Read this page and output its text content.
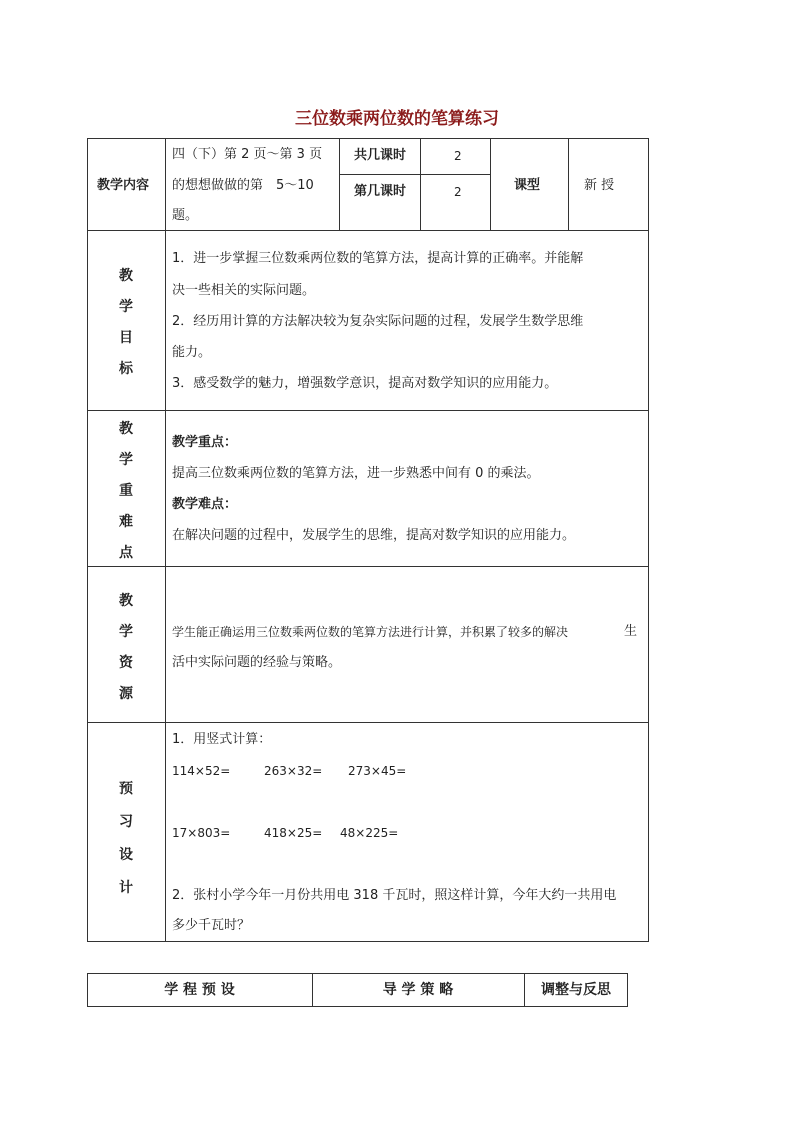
三位数乘两位数的笔算练习
教学内容
四（下）第 2 页～第 3 页
的想想做做的第　5～10
题。
共几课时	2
第几课时	2	课型	新 授
教
学
目
标
1．进一步掌握三位数乘两位数的笔算方法，提高计算的正确率。并能解
决一些相关的实际问题。
2．经历用计算的方法解决较为复杂实际问题的过程，发展学生数学思维
能力。
3．感受数学的魅力，增强数学意识，提高对数学知识的应用能力。
教
学
重
难
点
教学重点：
提高三位数乘两位数的笔算方法，进一步熟悉中间有 0 的乘法。
教学难点：
在解决问题的过程中，发展学生的思维，提高对数学知识的应用能力。
教
学
资
源
学生能正确运用三位数乘两位数的笔算方法进行计算，并积累了较多的解决	生
活中实际问题的经验与策略。
预
习
设
计
1．用竖式计算：
114×52=	263×32= 273×45=
17×803=	418×25= 48×225=
2．张村小学今年一月份共用电 318 千瓦时，照这样计算，今年大约一共用电
多少千瓦时？
学 程 预 设	导 学 策 略	调整与反思
